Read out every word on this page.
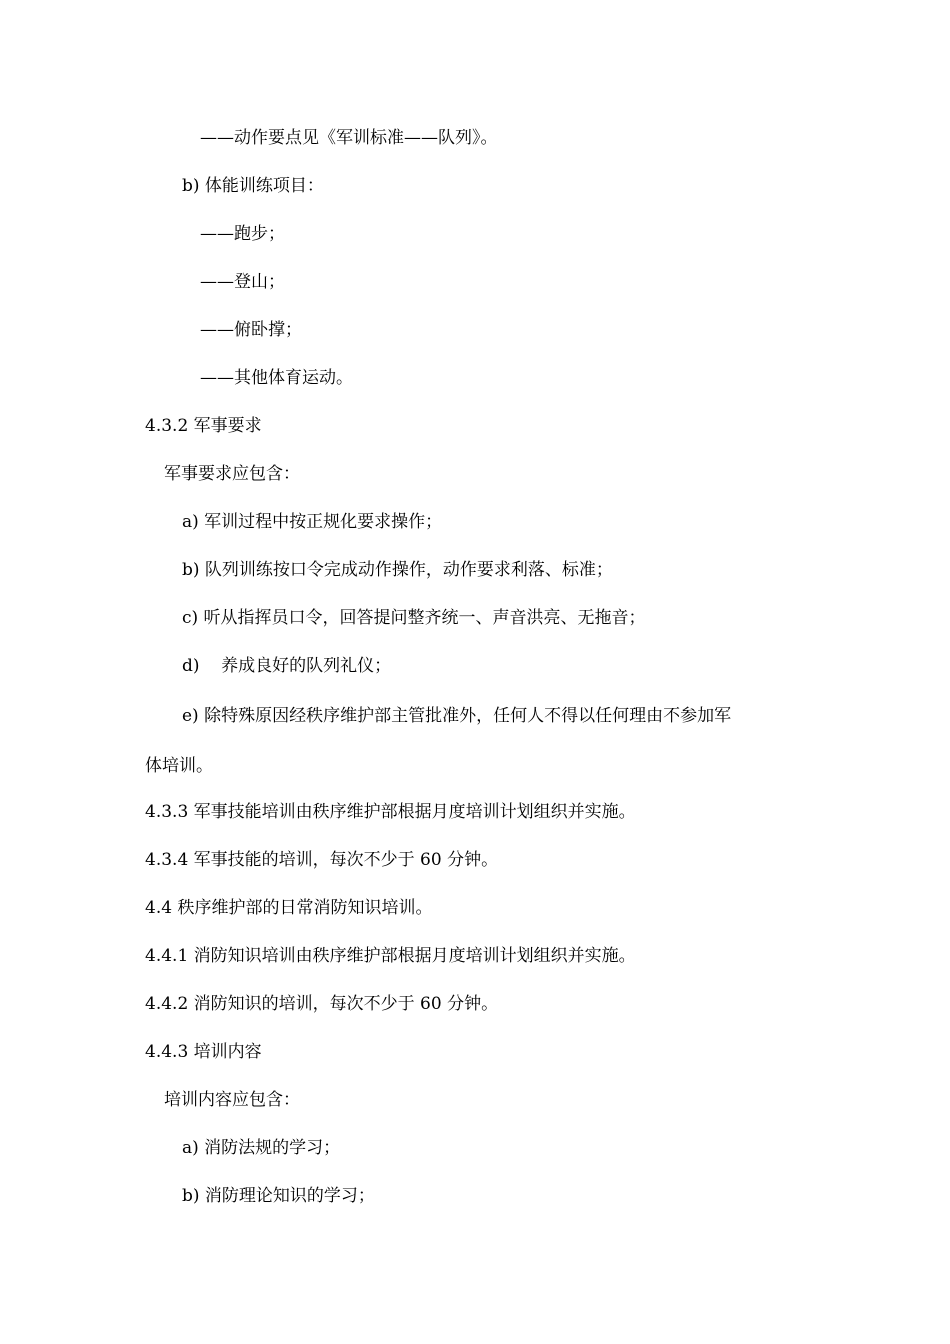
——动作要点见《军训标准——队列》。
b) 体能训练项目：
——跑步；
——登山；
——俯卧撑；
——其他体育运动。
4.3.2 军事要求
军事要求应包含：
a) 军训过程中按正规化要求操作；
b) 队列训练按口令完成动作操作，动作要求利落、标准；
c) 听从指挥员口令，回答提问整齐统一、声音洪亮、无拖音；
d)    养成良好的队列礼仪；
e) 除特殊原因经秩序维护部主管批准外，任何人不得以任何理由不参加军
体培训。
4.3.3 军事技能培训由秩序维护部根据月度培训计划组织并实施。
4.3.4 军事技能的培训，每次不少于 60 分钟。
4.4 秩序维护部的日常消防知识培训。
4.4.1 消防知识培训由秩序维护部根据月度培训计划组织并实施。
4.4.2 消防知识的培训，每次不少于 60 分钟。
4.4.3 培训内容
培训内容应包含：
a) 消防法规的学习；
b) 消防理论知识的学习；
